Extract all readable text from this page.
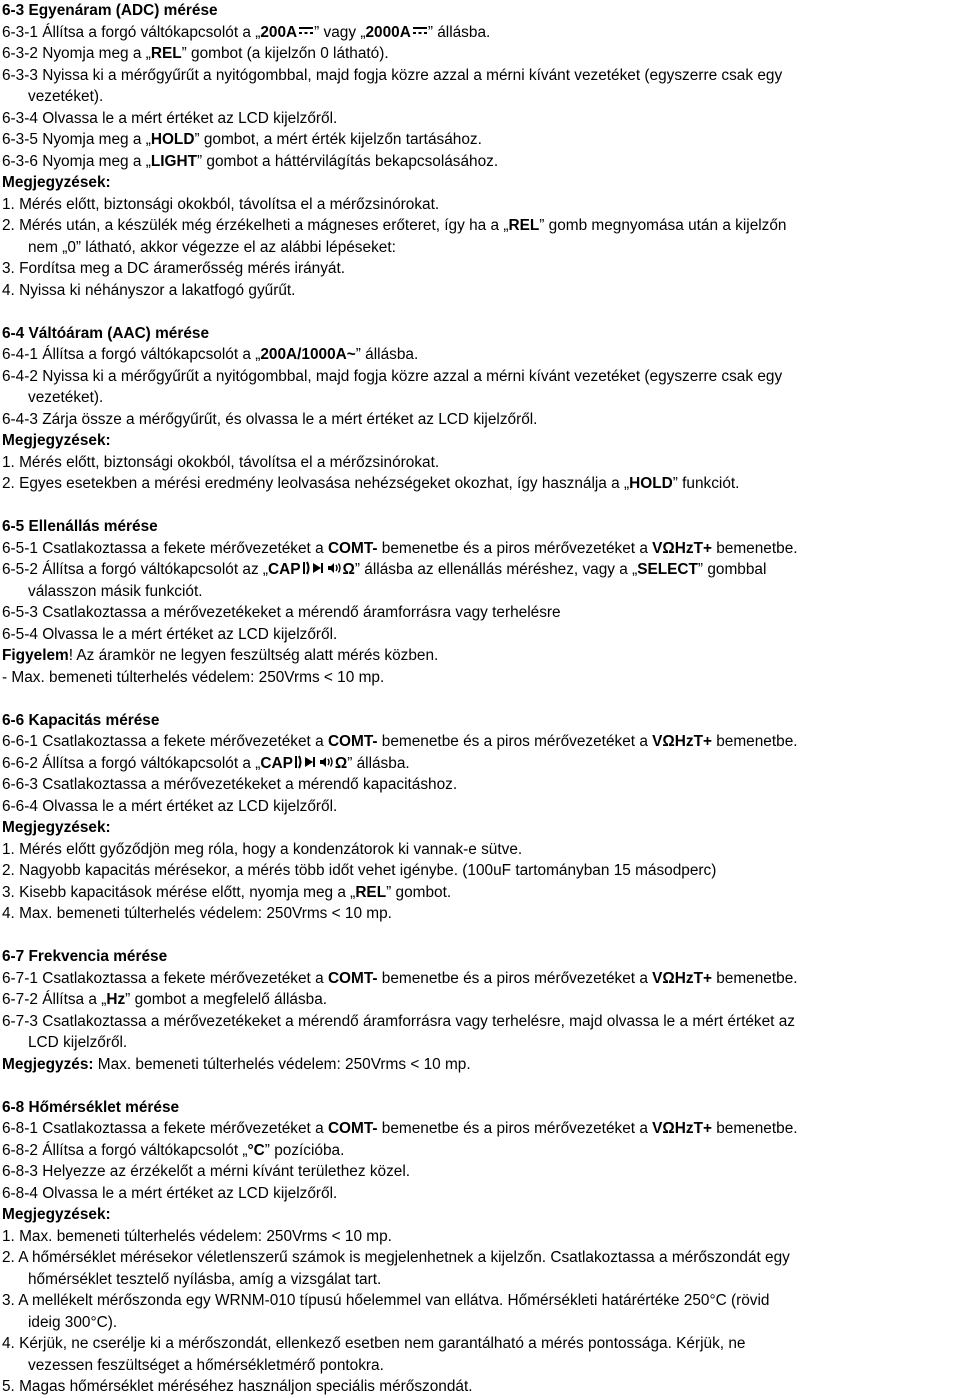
6-3 Egyenáram (ADC) mérése
6-3-1 Állítsa a forgó váltókapcsolót a „200A ” vagy „2000A ” állásba.
6-3-2 Nyomja meg a „REL” gombot (a kijelzőn 0 látható).
6-3-3 Nyissa ki a mérőgyűrűt a nyitógombbal, majd fogja közre azzal a mérni kívánt vezetéket (egyszerre csak egy
vezetéket).
6-3-4 Olvassa le a mért értéket az LCD kijelzőről.
6-3-5 Nyomja meg a „HOLD” gombot, a mért érték kijelzőn tartásához.
6-3-6 Nyomja meg a „LIGHT” gombot a háttérvilágítás bekapcsolásához.
Megjegyzések:
1. Mérés előtt, biztonsági okokból, távolítsa el a mérőzsinórokat.
2. Mérés után, a készülék még érzékelheti a mágneses erőteret, így ha a „REL” gomb megnyomása után a kijelzőn
nem „0” látható, akkor végezze el az alábbi lépéseket:
3. Fordítsa meg a DC áramerősség mérés irányát.
4. Nyissa ki néhányszor a lakatfogó gyűrűt.
6-4 Váltóáram (AAC) mérése
6-4-1 Állítsa a forgó váltókapcsolót a „200A/1000A~” állásba.
6-4-2 Nyissa ki a mérőgyűrűt a nyitógombbal, majd fogja közre azzal a mérni kívánt vezetéket (egyszerre csak egy
vezetéket).
6-4-3 Zárja össze a mérőgyűrűt, és olvassa le a mért értéket az LCD kijelzőről.
Megjegyzések:
1. Mérés előtt, biztonsági okokból, távolítsa el a mérőzsinórokat.
2. Egyes esetekben a mérési eredmény leolvasása nehézségeket okozhat, így használja a „HOLD” funkciót.
6-5 Ellenállás mérése
6-5-1 Csatlakoztassa a fekete mérővezetéket a COMT- bemenetbe és a piros mérővezetéket a VΩHzT+ bemenetbe.
6-5-2 Állítsa a forgó váltókapcsolót az „CAP	Ω” állásba az ellenállás méréshez, vagy a „SELECT” gombbal
válasszon másik funkciót.
6-5-3 Csatlakoztassa a mérővezetékeket a mérendő áramforrásra vagy terhelésre
6-5-4 Olvassa le a mért értéket az LCD kijelzőről.
Figyelem! Az áramkör ne legyen feszültség alatt mérés közben.
- Max. bemeneti túlterhelés védelem: 250Vrms < 10 mp.
6-6 Kapacitás mérése
6-6-1 Csatlakoztassa a fekete mérővezetéket a COMT- bemenetbe és a piros mérővezetéket a VΩHzT+ bemenetbe.
6-6-2 Állítsa a forgó váltókapcsolót a „CAP	Ω” állásba.
6-6-3 Csatlakoztassa a mérővezetékeket a mérendő kapacitáshoz.
6-6-4 Olvassa le a mért értéket az LCD kijelzőről.
Megjegyzések:
1. Mérés előtt győződjön meg róla, hogy a kondenzátorok ki vannak-e sütve.
2. Nagyobb kapacitás mérésekor, a mérés több időt vehet igénybe. (100uF tartományban 15 másodperc)
3. Kisebb kapacitások mérése előtt, nyomja meg a „REL” gombot.
4. Max. bemeneti túlterhelés védelem: 250Vrms < 10 mp.
6-7 Frekvencia mérése
6-7-1 Csatlakoztassa a fekete mérővezetéket a COMT- bemenetbe és a piros mérővezetéket a VΩHzT+ bemenetbe.
6-7-2 Állítsa a „Hz” gombot a megfelelő állásba.
6-7-3 Csatlakoztassa a mérővezetékeket a mérendő áramforrásra vagy terhelésre, majd olvassa le a mért értéket az
LCD kijelzőről.
Megjegyzés: Max. bemeneti túlterhelés védelem: 250Vrms < 10 mp.
6-8 Hőmérséklet mérése
6-8-1 Csatlakoztassa a fekete mérővezetéket a COMT- bemenetbe és a piros mérővezetéket a VΩHzT+ bemenetbe.
6-8-2 Állítsa a forgó váltókapcsolót „°C” pozícióba.
6-8-3 Helyezze az érzékelőt a mérni kívánt területhez közel.
6-8-4 Olvassa le a mért értéket az LCD kijelzőről.
Megjegyzések:
1. Max. bemeneti túlterhelés védelem: 250Vrms < 10 mp.
2. A hőmérséklet mérésekor véletlenszerű számok is megjelenhetnek a kijelzőn. Csatlakoztassa a mérőszondát egy
hőmérséklet tesztelő nyílásba, amíg a vizsgálat tart.
3. A mellékelt mérőszonda egy WRNM-010 típusú hőelemmel van ellátva. Hőmérsékleti határértéke 250°C (rövid
ideig 300°C).
4. Kérjük, ne cserélje ki a mérőszondát, ellenkező esetben nem garantálható a mérés pontossága. Kérjük, ne
vezessen feszültséget a hőmérsékletmérő pontokra.
5. Magas hőmérséklet méréséhez használjon speciális mérőszondát.
